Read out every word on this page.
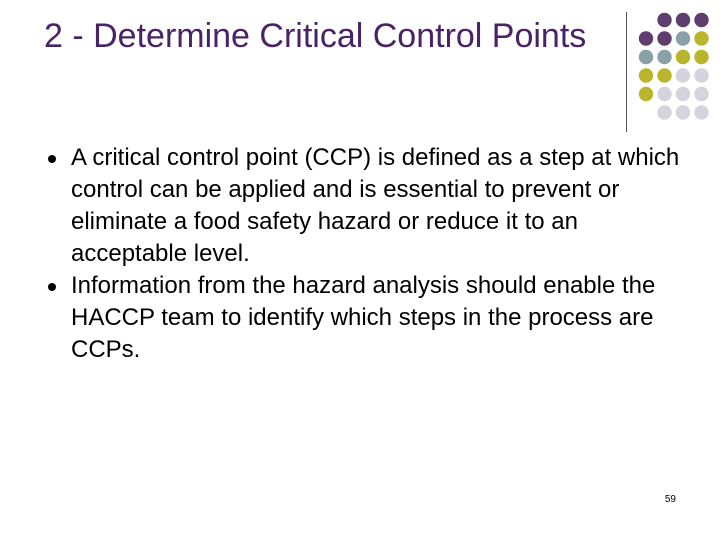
2 - Determine Critical Control Points
A critical control point (CCP) is defined as a step at which control can be applied and is essential to prevent or eliminate a food safety hazard or reduce it to an acceptable level.
Information from the hazard analysis should enable the HACCP team to identify which steps in the process are CCPs.
59
